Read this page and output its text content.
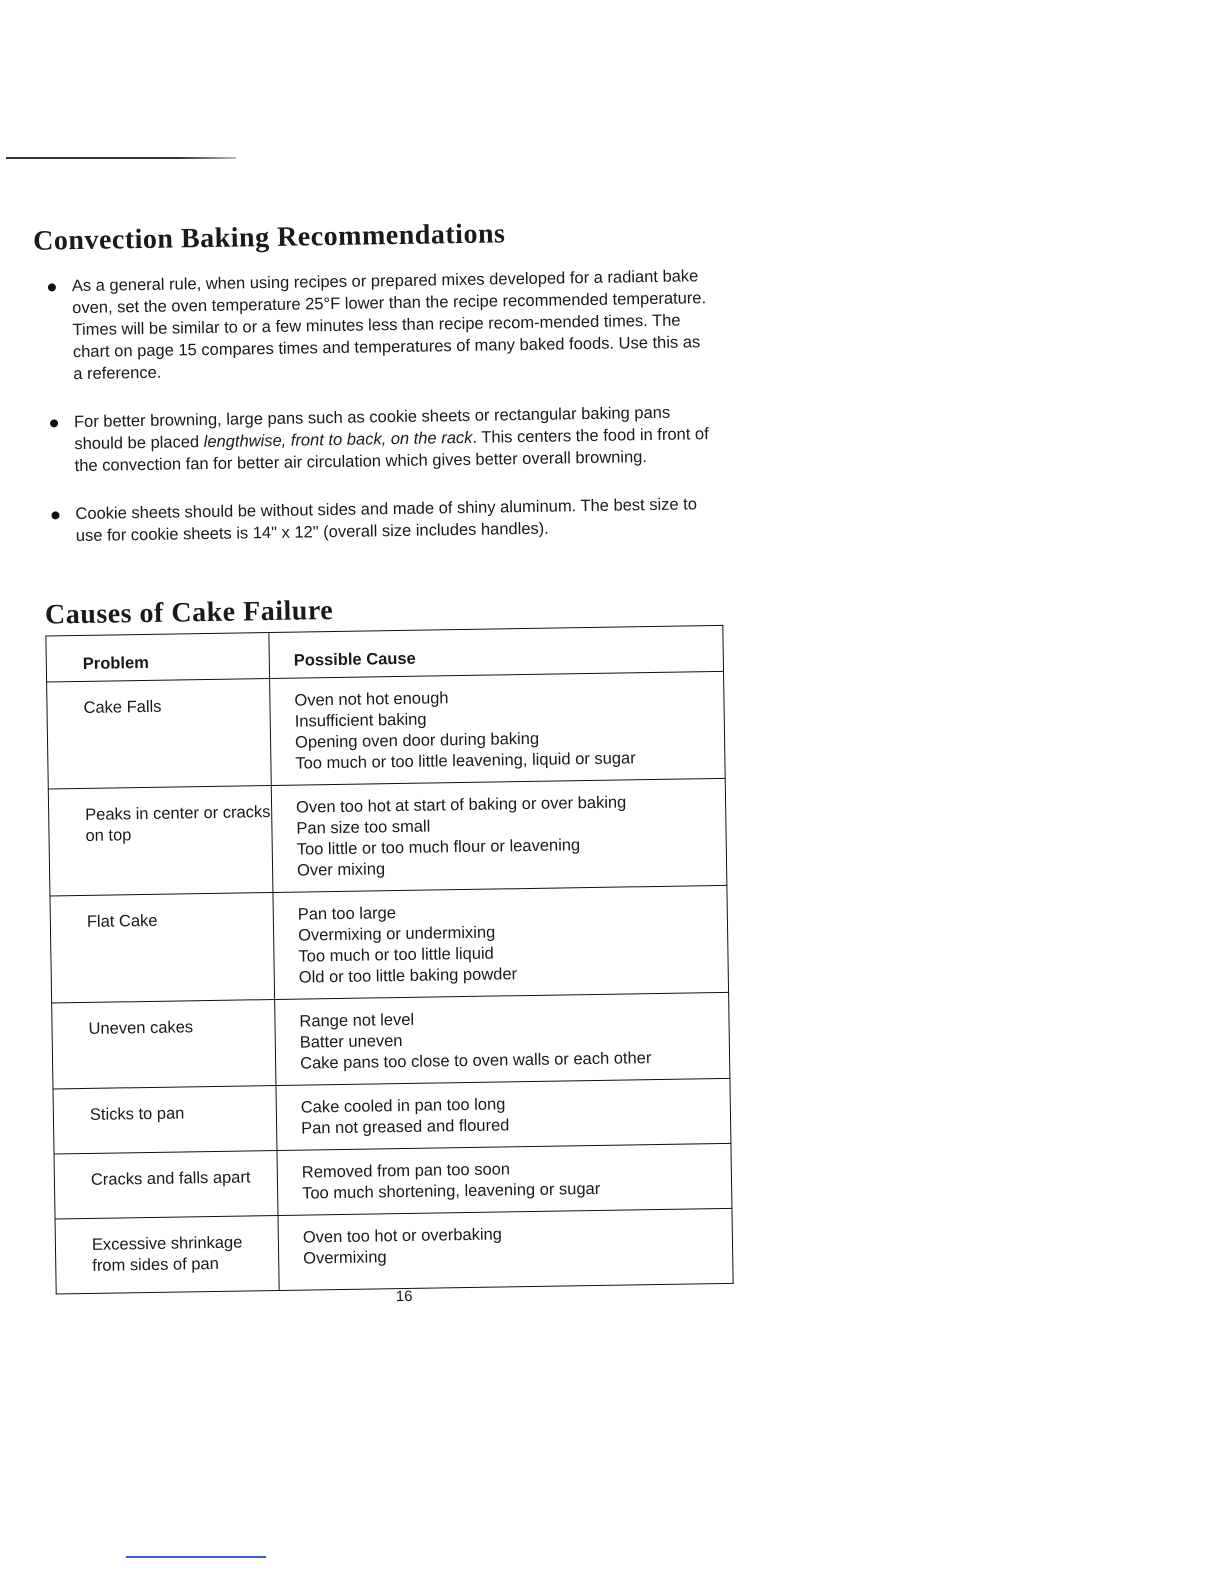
Convection Baking Recommendations
As a general rule, when using recipes or prepared mixes developed for a radiant bake oven, set the oven temperature 25°F lower than the recipe recommended temperature. Times will be similar to or a few minutes less than recipe recom-mended times. The chart on page 15 compares times and temperatures of many baked foods. Use this as a reference.
For better browning, large pans such as cookie sheets or rectangular baking pans should be placed lengthwise, front to back, on the rack. This centers the food in front of the convection fan for better air circulation which gives better overall browning.
Cookie sheets should be without sides and made of shiny aluminum. The best size to use for cookie sheets is 14" x 12" (overall size includes handles).
Causes of Cake Failure
Problem	Possible Cause
Cake Falls	Oven not hot enough
Insufficient baking
Opening oven door during baking
Too much or too little leavening, liquid or sugar

Peaks in center or cracks on top	Oven too hot at start of baking or over baking
Pan size too small
Too little or too much flour or leavening
Over mixing

Flat Cake	Pan too large
Overmixing or undermixing
Too much or too little liquid
Old or too little baking powder

Uneven cakes	Range not level
Batter uneven
Cake pans too close to oven walls or each other

Sticks to pan	Cake cooled in pan too long
Pan not greased and floured

Cracks and falls apart	Removed from pan too soon
Too much shortening, leavening or sugar

Excessive shrinkage from sides of pan	Oven too hot or overbaking
Overmixing
16
